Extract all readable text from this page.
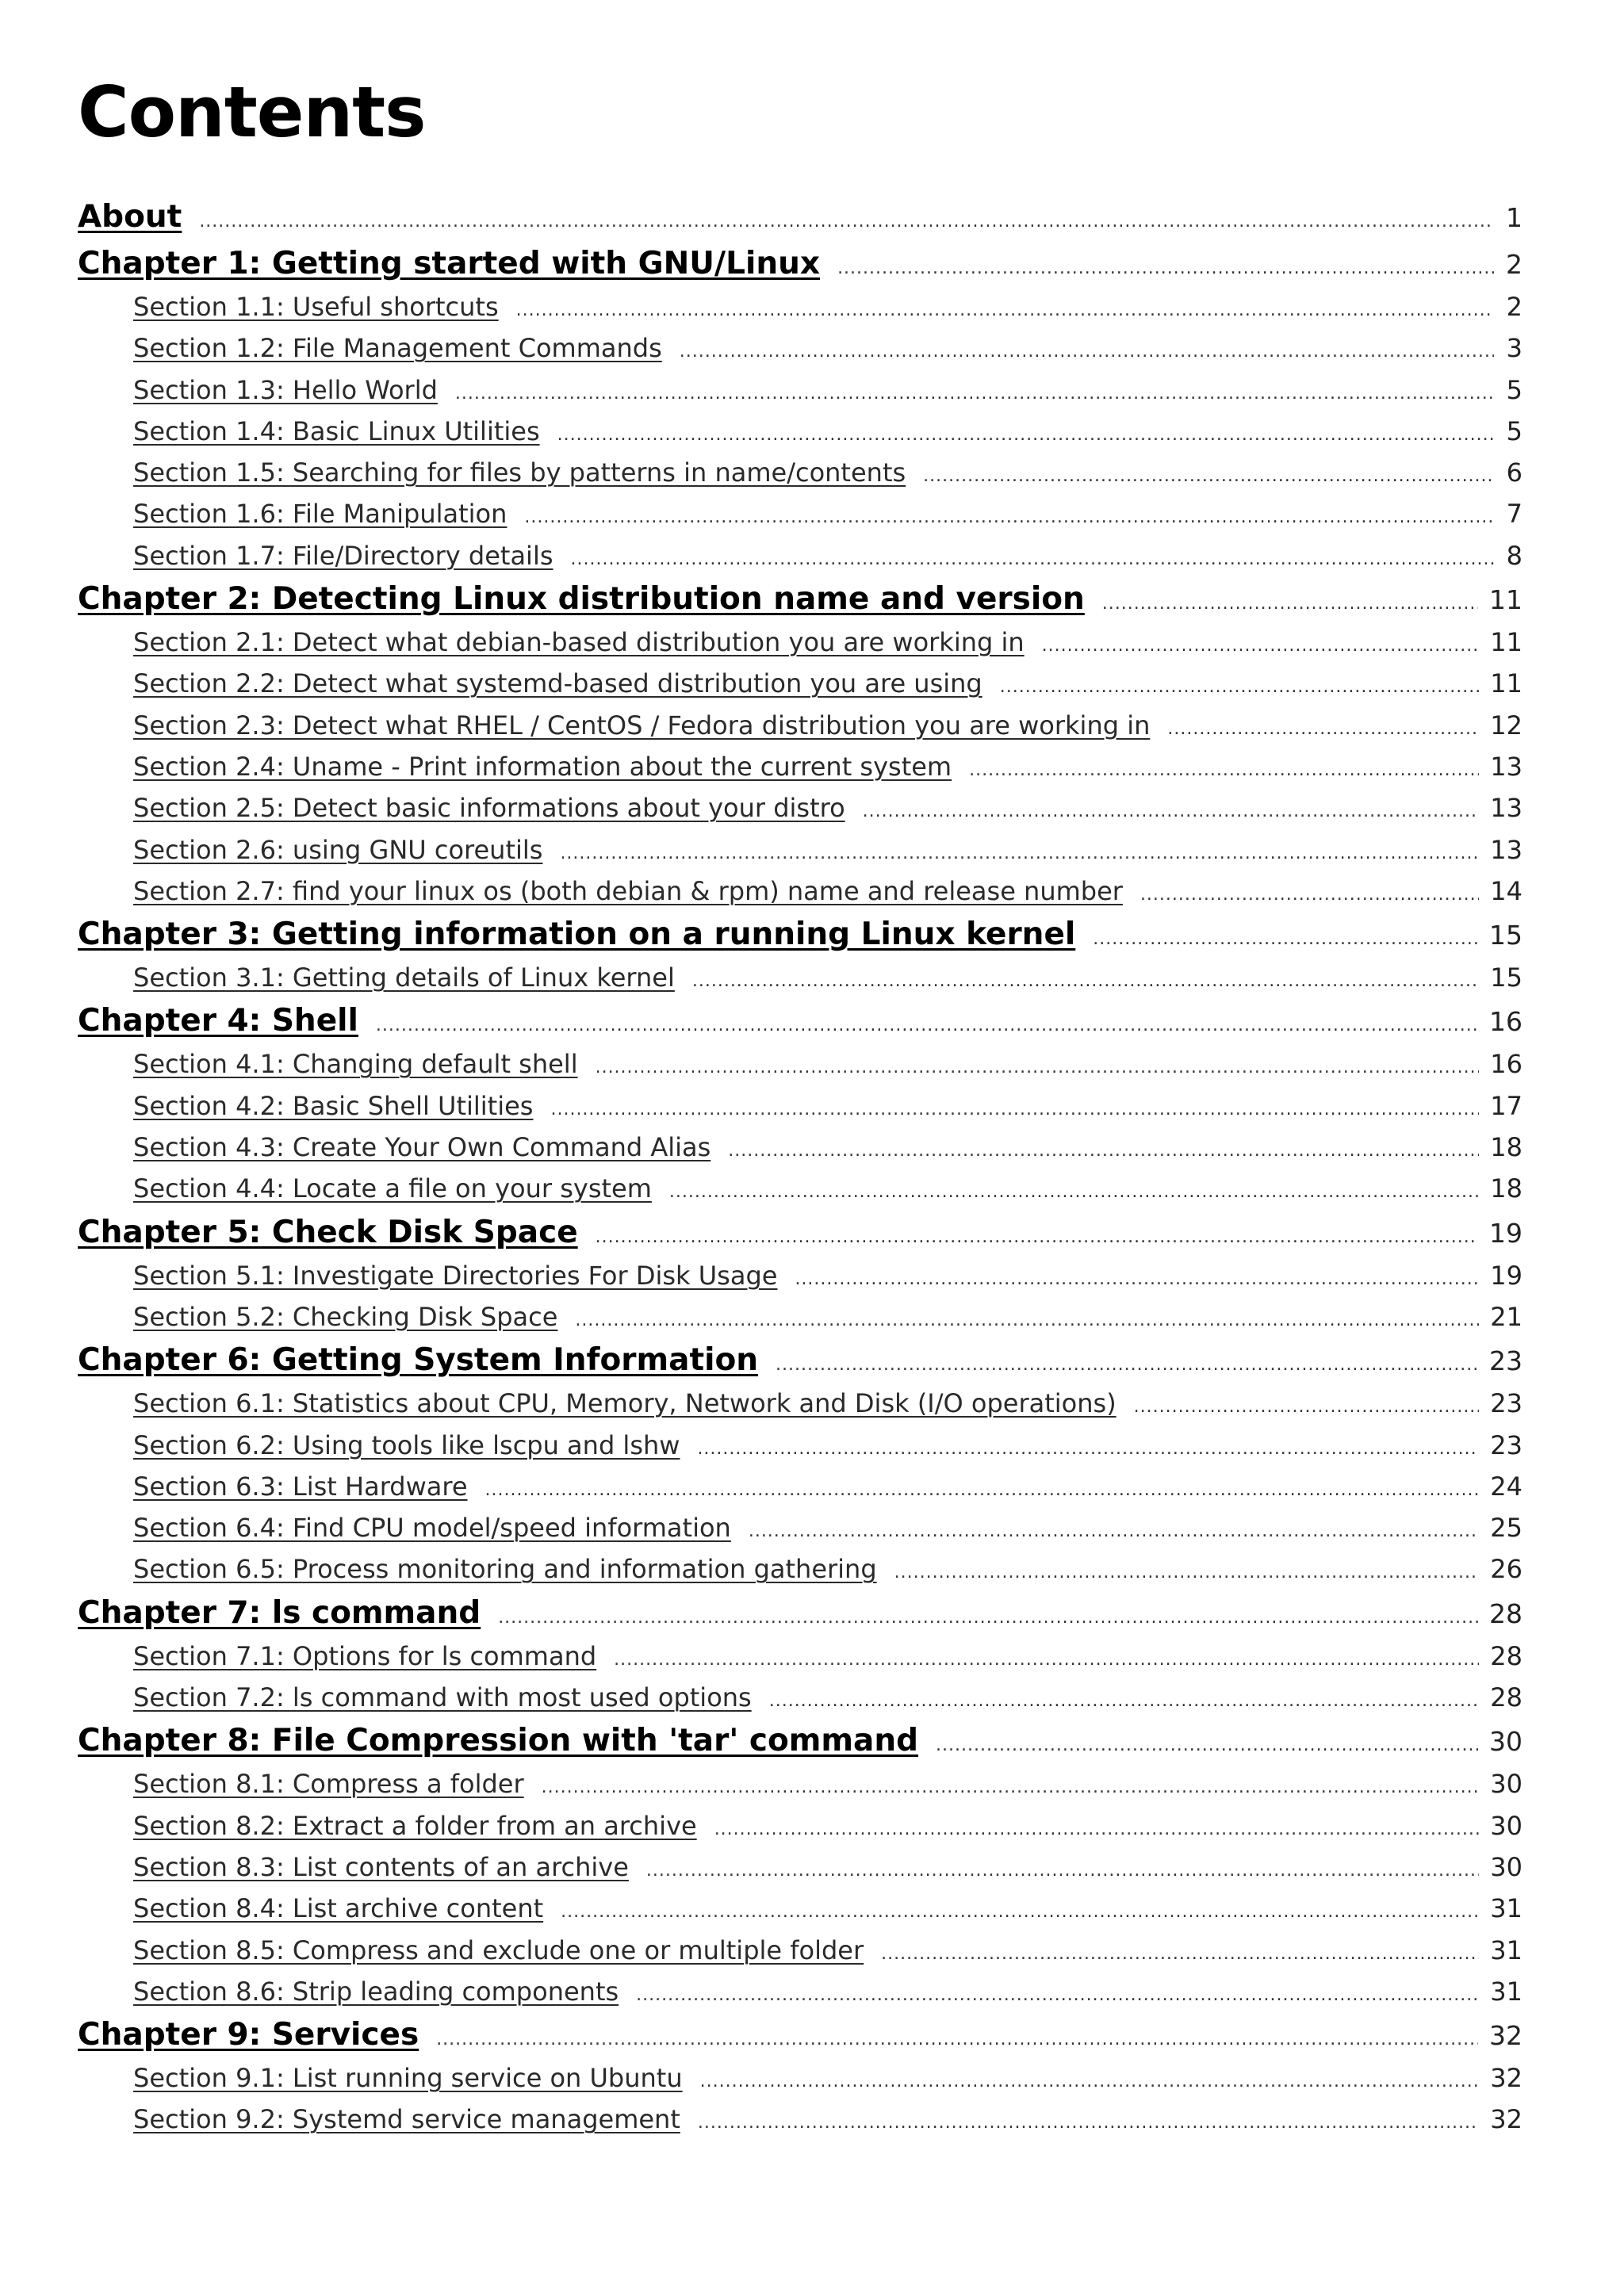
Contents
About .....	1
Chapter 1: Getting started with GNU/Linux .....	2
Section 1.1: Useful shortcuts .....	2
Section 1.2: File Management Commands .....	3
Section 1.3: Hello World .....	5
Section 1.4: Basic Linux Utilities .....	5
Section 1.5: Searching for files by patterns in name/contents .....	6
Section 1.6: File Manipulation .....	7
Section 1.7: File/Directory details .....	8
Chapter 2: Detecting Linux distribution name and version .....	11
Section 2.1: Detect what debian-based distribution you are working in .....	11
Section 2.2: Detect what systemd-based distribution you are using .....	11
Section 2.3: Detect what RHEL / CentOS / Fedora distribution you are working in .....	12
Section 2.4: Uname - Print information about the current system .....	13
Section 2.5: Detect basic informations about your distro .....	13
Section 2.6: using GNU coreutils .....	13
Section 2.7: find your linux os (both debian & rpm) name and release number .....	14
Chapter 3: Getting information on a running Linux kernel .....	15
Section 3.1: Getting details of Linux kernel .....	15
Chapter 4: Shell .....	16
Section 4.1: Changing default shell .....	16
Section 4.2: Basic Shell Utilities .....	17
Section 4.3: Create Your Own Command Alias .....	18
Section 4.4: Locate a file on your system .....	18
Chapter 5: Check Disk Space .....	19
Section 5.1: Investigate Directories For Disk Usage .....	19
Section 5.2: Checking Disk Space .....	21
Chapter 6: Getting System Information .....	23
Section 6.1: Statistics about CPU, Memory, Network and Disk (I/O operations) .....	23
Section 6.2: Using tools like lscpu and lshw .....	23
Section 6.3: List Hardware .....	24
Section 6.4: Find CPU model/speed information .....	25
Section 6.5: Process monitoring and information gathering .....	26
Chapter 7: ls command .....	28
Section 7.1: Options for ls command .....	28
Section 7.2: ls command with most used options .....	28
Chapter 8: File Compression with 'tar' command .....	30
Section 8.1: Compress a folder .....	30
Section 8.2: Extract a folder from an archive .....	30
Section 8.3: List contents of an archive .....	30
Section 8.4: List archive content .....	31
Section 8.5: Compress and exclude one or multiple folder .....	31
Section 8.6: Strip leading components .....	31
Chapter 9: Services .....	32
Section 9.1: List running service on Ubuntu .....	32
Section 9.2: Systemd service management .....	32
